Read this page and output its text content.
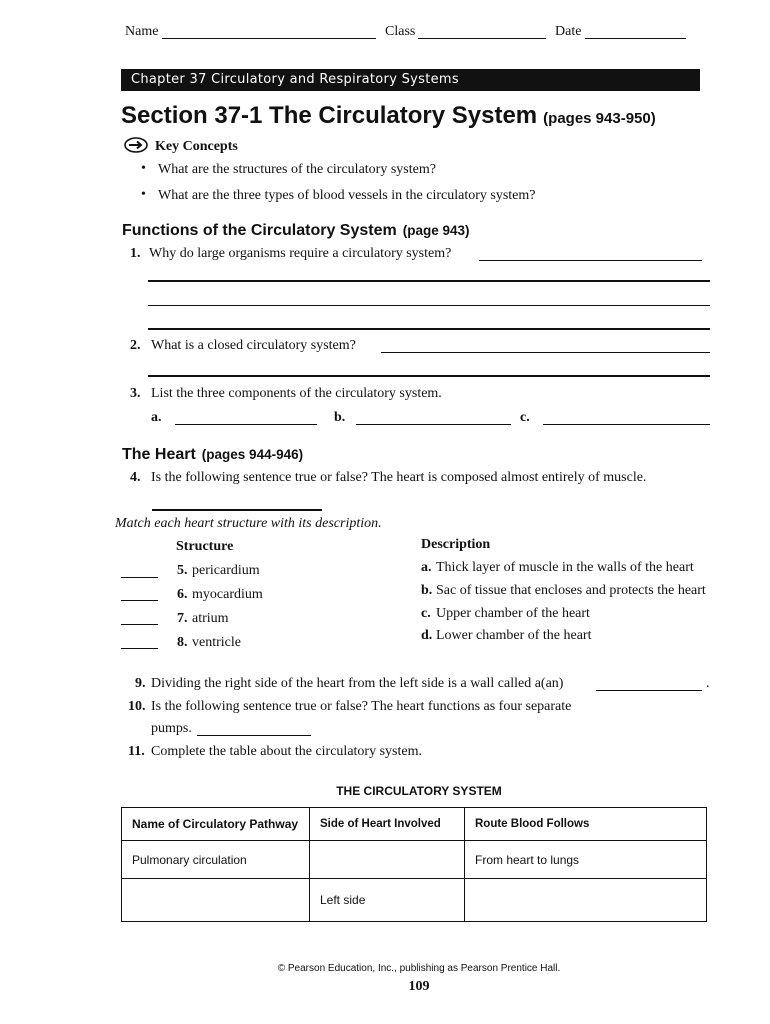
Name	Class	Date
Chapter 37 Circulatory and Respiratory Systems
Section 37-1 The Circulatory System (pages 943-950)
Key Concepts
• What are the structures of the circulatory system?
• What are the three types of blood vessels in the circulatory system?
Functions of the Circulatory System (page 943)
1. Why do large organisms require a circulatory system?
2. What is a closed circulatory system?
3. List the three components of the circulatory system.
a.	b.	c.
The Heart (pages 944-946)
4. Is the following sentence true or false? The heart is composed almost entirely of muscle.
Match each heart structure with its description.
Structure	Description
5. pericardium
6. myocardium
7. atrium
8. ventricle
a. Thick layer of muscle in the walls of the heart
b. Sac of tissue that encloses and protects the heart
c. Upper chamber of the heart
d. Lower chamber of the heart
9. Dividing the right side of the heart from the left side is a wall called a(an)	.
10. Is the following sentence true or false? The heart functions as four separate
pumps.
11. Complete the table about the circulatory system.
THE CIRCULATORY SYSTEM
Name of Circulatory Pathway	Side of Heart Involved	Route Blood Follows
Pulmonary circulation		From heart to lungs
	Left side	
© Pearson Education, Inc., publishing as Pearson Prentice Hall.
109
